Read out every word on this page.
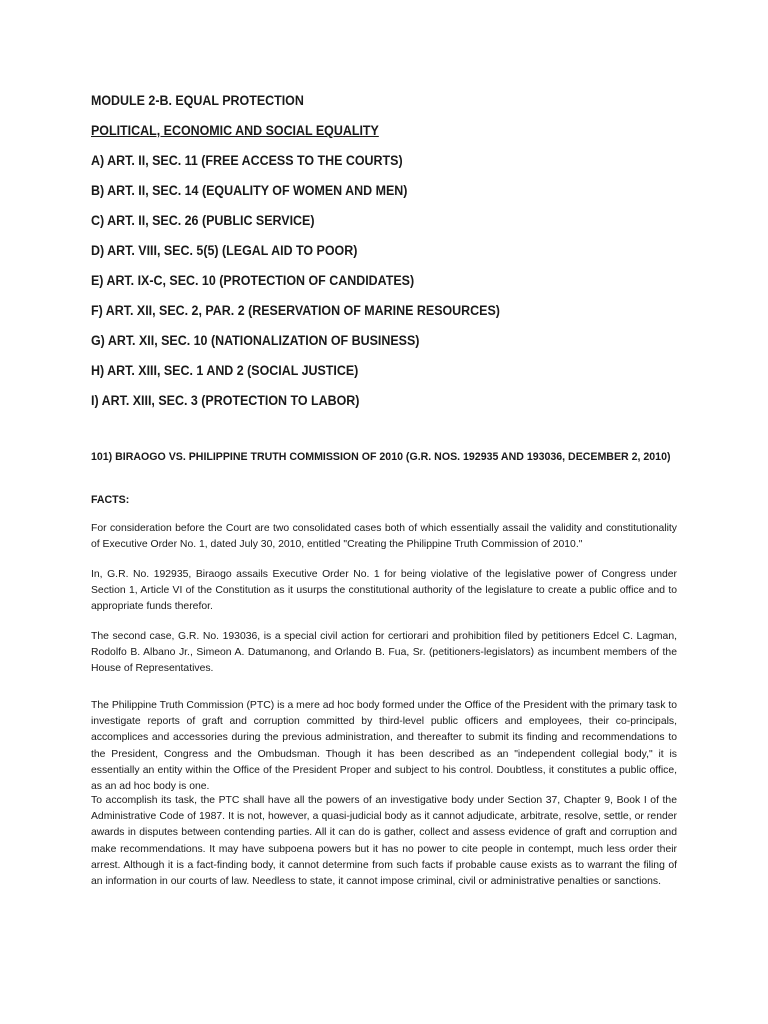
MODULE 2-B. EQUAL PROTECTION
POLITICAL, ECONOMIC AND SOCIAL EQUALITY
A) ART. II, SEC. 11 (FREE ACCESS TO THE COURTS)
B) ART. II, SEC. 14 (EQUALITY OF WOMEN AND MEN)
C) ART. II, SEC. 26 (PUBLIC SERVICE)
D) ART. VIII, SEC. 5(5) (LEGAL AID TO POOR)
E) ART. IX-C, SEC. 10 (PROTECTION OF CANDIDATES)
F) ART. XII, SEC. 2, PAR. 2 (RESERVATION OF MARINE RESOURCES)
G) ART. XII, SEC. 10 (NATIONALIZATION OF BUSINESS)
H) ART. XIII, SEC. 1 AND 2 (SOCIAL JUSTICE)
I) ART. XIII, SEC. 3 (PROTECTION TO LABOR)
101) BIRAOGO VS. PHILIPPINE TRUTH COMMISSION OF 2010 (G.R. NOS. 192935 AND 193036, DECEMBER 2, 2010)
FACTS:

For consideration before the Court are two consolidated cases both of which essentially assail the validity and constitutionality of Executive Order No. 1, dated July 30, 2010, entitled "Creating the Philippine Truth Commission of 2010."

In, G.R. No. 192935, Biraogo assails Executive Order No. 1 for being violative of the legislative power of Congress under Section 1, Article VI of the Constitution as it usurps the constitutional authority of the legislature to create a public office and to appropriate funds therefor.

The second case, G.R. No. 193036, is a special civil action for certiorari and prohibition filed by petitioners Edcel C. Lagman, Rodolfo B. Albano Jr., Simeon A. Datumanong, and Orlando B. Fua, Sr. (petitioners-legislators) as incumbent members of the House of Representatives.

The Philippine Truth Commission (PTC) is a mere ad hoc body formed under the Office of the President with the primary task to investigate reports of graft and corruption committed by third-level public officers and employees, their co-principals, accomplices and accessories during the previous administration, and thereafter to submit its finding and recommendations to the President, Congress and the Ombudsman. Though it has been described as an "independent collegial body," it is essentially an entity within the Office of the President Proper and subject to his control. Doubtless, it constitutes a public office, as an ad hoc body is one.

To accomplish its task, the PTC shall have all the powers of an investigative body under Section 37, Chapter 9, Book I of the Administrative Code of 1987. It is not, however, a quasi-judicial body as it cannot adjudicate, arbitrate, resolve, settle, or render awards in disputes between contending parties. All it can do is gather, collect and assess evidence of graft and corruption and make recommendations. It may have subpoena powers but it has no power to cite people in contempt, much less order their arrest. Although it is a fact-finding body, it cannot determine from such facts if probable cause exists as to warrant the filing of an information in our courts of law. Needless to state, it cannot impose criminal, civil or administrative penalties or sanctions.
